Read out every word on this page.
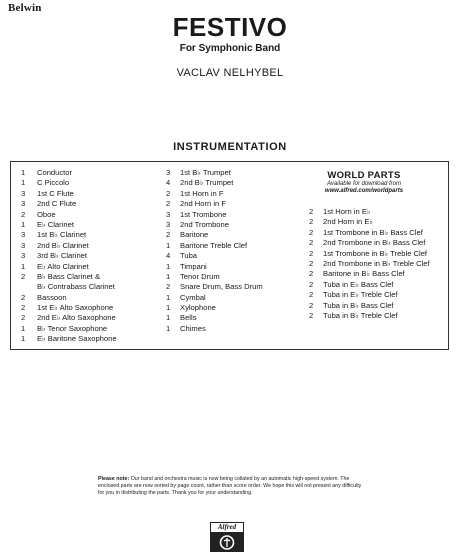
Belwin
FESTIVO
For Symphonic Band
VACLAV NELHYBEL
INSTRUMENTATION
1 Conductor
1 C Piccolo
3 1st C Flute
3 2nd C Flute
2 Oboe
1 E♭ Clarinet
3 1st B♭ Clarinet
3 2nd B♭ Clarinet
3 3rd B♭ Clarinet
1 E♭ Alto Clarinet
2 B♭ Bass Clarinet &
B♭ Contrabass Clarinet
2 Bassoon
2 1st E♭ Alto Saxophone
2 2nd E♭ Alto Saxophone
1 B♭ Tenor Saxophone
1 E♭ Baritone Saxophone
3 1st B♭ Trumpet
4 2nd B♭ Trumpet
2 1st Horn in F
2 2nd Horn in F
3 1st Trombone
3 2nd Trombone
2 Baritone
1 Baritone Treble Clef
4 Tuba
1 Timpani
1 Tenor Drum
2 Snare Drum, Bass Drum
1 Cymbal
1 Xylophone
1 Bells
1 Chimes
WORLD PARTS
Available for download from
www.alfred.com/worldparts
2 1st Horn in E♭
2 2nd Horn in E♭
2 1st Trombone in B♭ Bass Clef
2 2nd Trombone in B♭ Bass Clef
2 1st Trombone in B♭ Treble Clef
2 2nd Trombone in B♭ Treble Clef
2 Baritone in B♭ Bass Clef
2 Tuba in E♭ Bass Clef
2 Tuba in E♭ Treble Clef
2 Tuba in B♭ Bass Clef
2 Tuba in B♭ Treble Clef
Please note: Our band and orchestra music is now being collated by an automatic high-speed system. The enclosed parts are now sorted by page count, rather than score order. We hope this will not present any difficulty for you in distributing the parts. Thank you for your understanding.
Alfred
